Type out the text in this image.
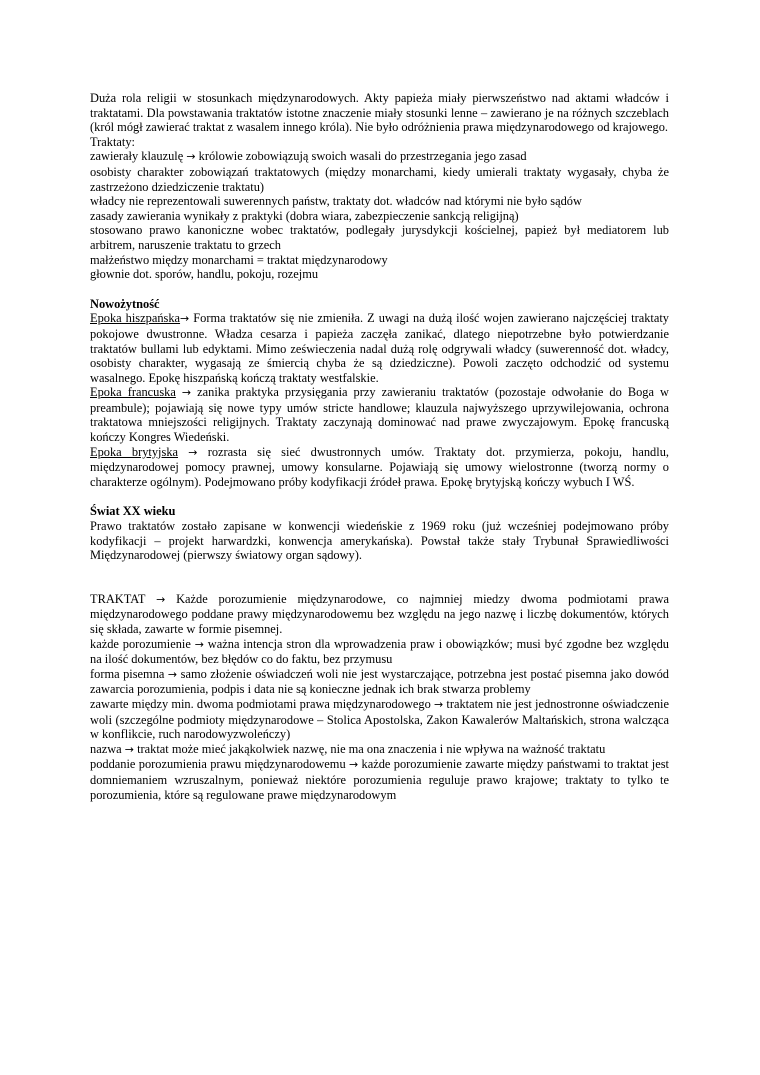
Duża rola religii w stosunkach międzynarodowych. Akty papieża miały pierwszeństwo nad aktami władców i traktatami. Dla powstawania traktatów istotne znaczenie miały stosunki lenne – zawierano je na różnych szczeblach (król mógł zawierać traktat z wasalem innego króla). Nie było odróżnienia prawa międzynarodowego od krajowego.

Traktaty:

zawierały klauzulę → królowie zobowiązują swoich wasali do przestrzegania jego zasad

osobisty charakter zobowiązań traktatowych (między monarchami, kiedy umierali traktaty wygasały, chyba że zastrzeżono dziedziczenie traktatu)

władcy nie reprezentowali suwerennych państw, traktaty dot. władców nad którymi nie było sądów

zasady zawierania wynikały z praktyki (dobra wiara, zabezpieczenie sankcją religijną)

stosowano prawo kanoniczne wobec traktatów, podlegały jurysdykcji kościelnej, papież był mediatorem lub arbitrem, naruszenie traktatu to grzech

małżeństwo między monarchami = traktat międzynarodowy

głownie dot. sporów, handlu, pokoju, rozejmu

Nowożytność

Epoka hiszpańska→ Forma traktatów się nie zmieniła. Z uwagi na dużą ilość wojen zawierano najczęściej traktaty pokojowe dwustronne. Władza cesarza i papieża zaczęła zanikać, dlatego niepotrzebne było potwierdzanie traktatów bullami lub edyktami. Mimo ześwieczenia nadal dużą rolę odgrywali władcy (suwerenność dot. władcy, osobisty charakter, wygasają ze śmiercią chyba że są dziedziczne). Powoli zaczęto odchodzić od systemu wasalnego. Epokę hiszpańską kończą traktaty westfalskie.

Epoka francuska → zanika praktyka przysięgania przy zawieraniu traktatów (pozostaje odwołanie do Boga w preambule); pojawiają się nowe typy umów stricte handlowe; klauzula najwyższego uprzywilejowania, ochrona traktatowa mniejszości religijnych. Traktaty zaczynają dominować nad prawe zwyczajowym. Epokę francuską kończy Kongres Wiedeński.

Epoka brytyjska → rozrasta się sieć dwustronnych umów. Traktaty dot. przymierza, pokoju, handlu, międzynarodowej pomocy prawnej, umowy konsularne. Pojawiają się umowy wielostronne (tworzą normy o charakterze ogólnym). Podejmowano próby kodyfikacji źródeł prawa. Epokę brytyjską kończy wybuch I WŚ.

Świat XX wieku

Prawo traktatów zostało zapisane w konwencji wiedeńskie z 1969 roku (już wcześniej podejmowano próby kodyfikacji – projekt harwardzki, konwencja amerykańska). Powstał także stały Trybunał Sprawiedliwości Międzynarodowej (pierwszy światowy organ sądowy).

TRAKTAT → Każde porozumienie międzynarodowe, co najmniej miedzy dwoma podmiotami prawa międzynarodowego poddane prawy międzynarodowemu bez względu na jego nazwę i liczbę dokumentów, których się składa, zawarte w formie pisemnej.

każde porozumienie → ważna intencja stron dla wprowadzenia praw i obowiązków; musi być zgodne bez względu na ilość dokumentów, bez błędów co do faktu, bez przymusu

forma pisemna → samo złożenie oświadczeń woli nie jest wystarczające, potrzebna jest postać pisemna jako dowód zawarcia porozumienia, podpis i data nie są konieczne jednak ich brak stwarza problemy

zawarte między min. dwoma podmiotami prawa międzynarodowego → traktatem nie jest jednostronne oświadczenie woli (szczególne podmioty międzynarodowe – Stolica Apostolska, Zakon Kawalerów Maltańskich, strona walcząca w konflikcie, ruch narodowyzwoleńczy)

nazwa → traktat może mieć jakąkolwiek nazwę, nie ma ona znaczenia i nie wpływa na ważność traktatu

poddanie porozumienia prawu międzynarodowemu → każde porozumienie zawarte między państwami to traktat jest domniemaniem wzruszalnym, ponieważ niektóre porozumienia reguluje prawo krajowe; traktaty to tylko te porozumienia, które są regulowane prawe międzynarodowym
